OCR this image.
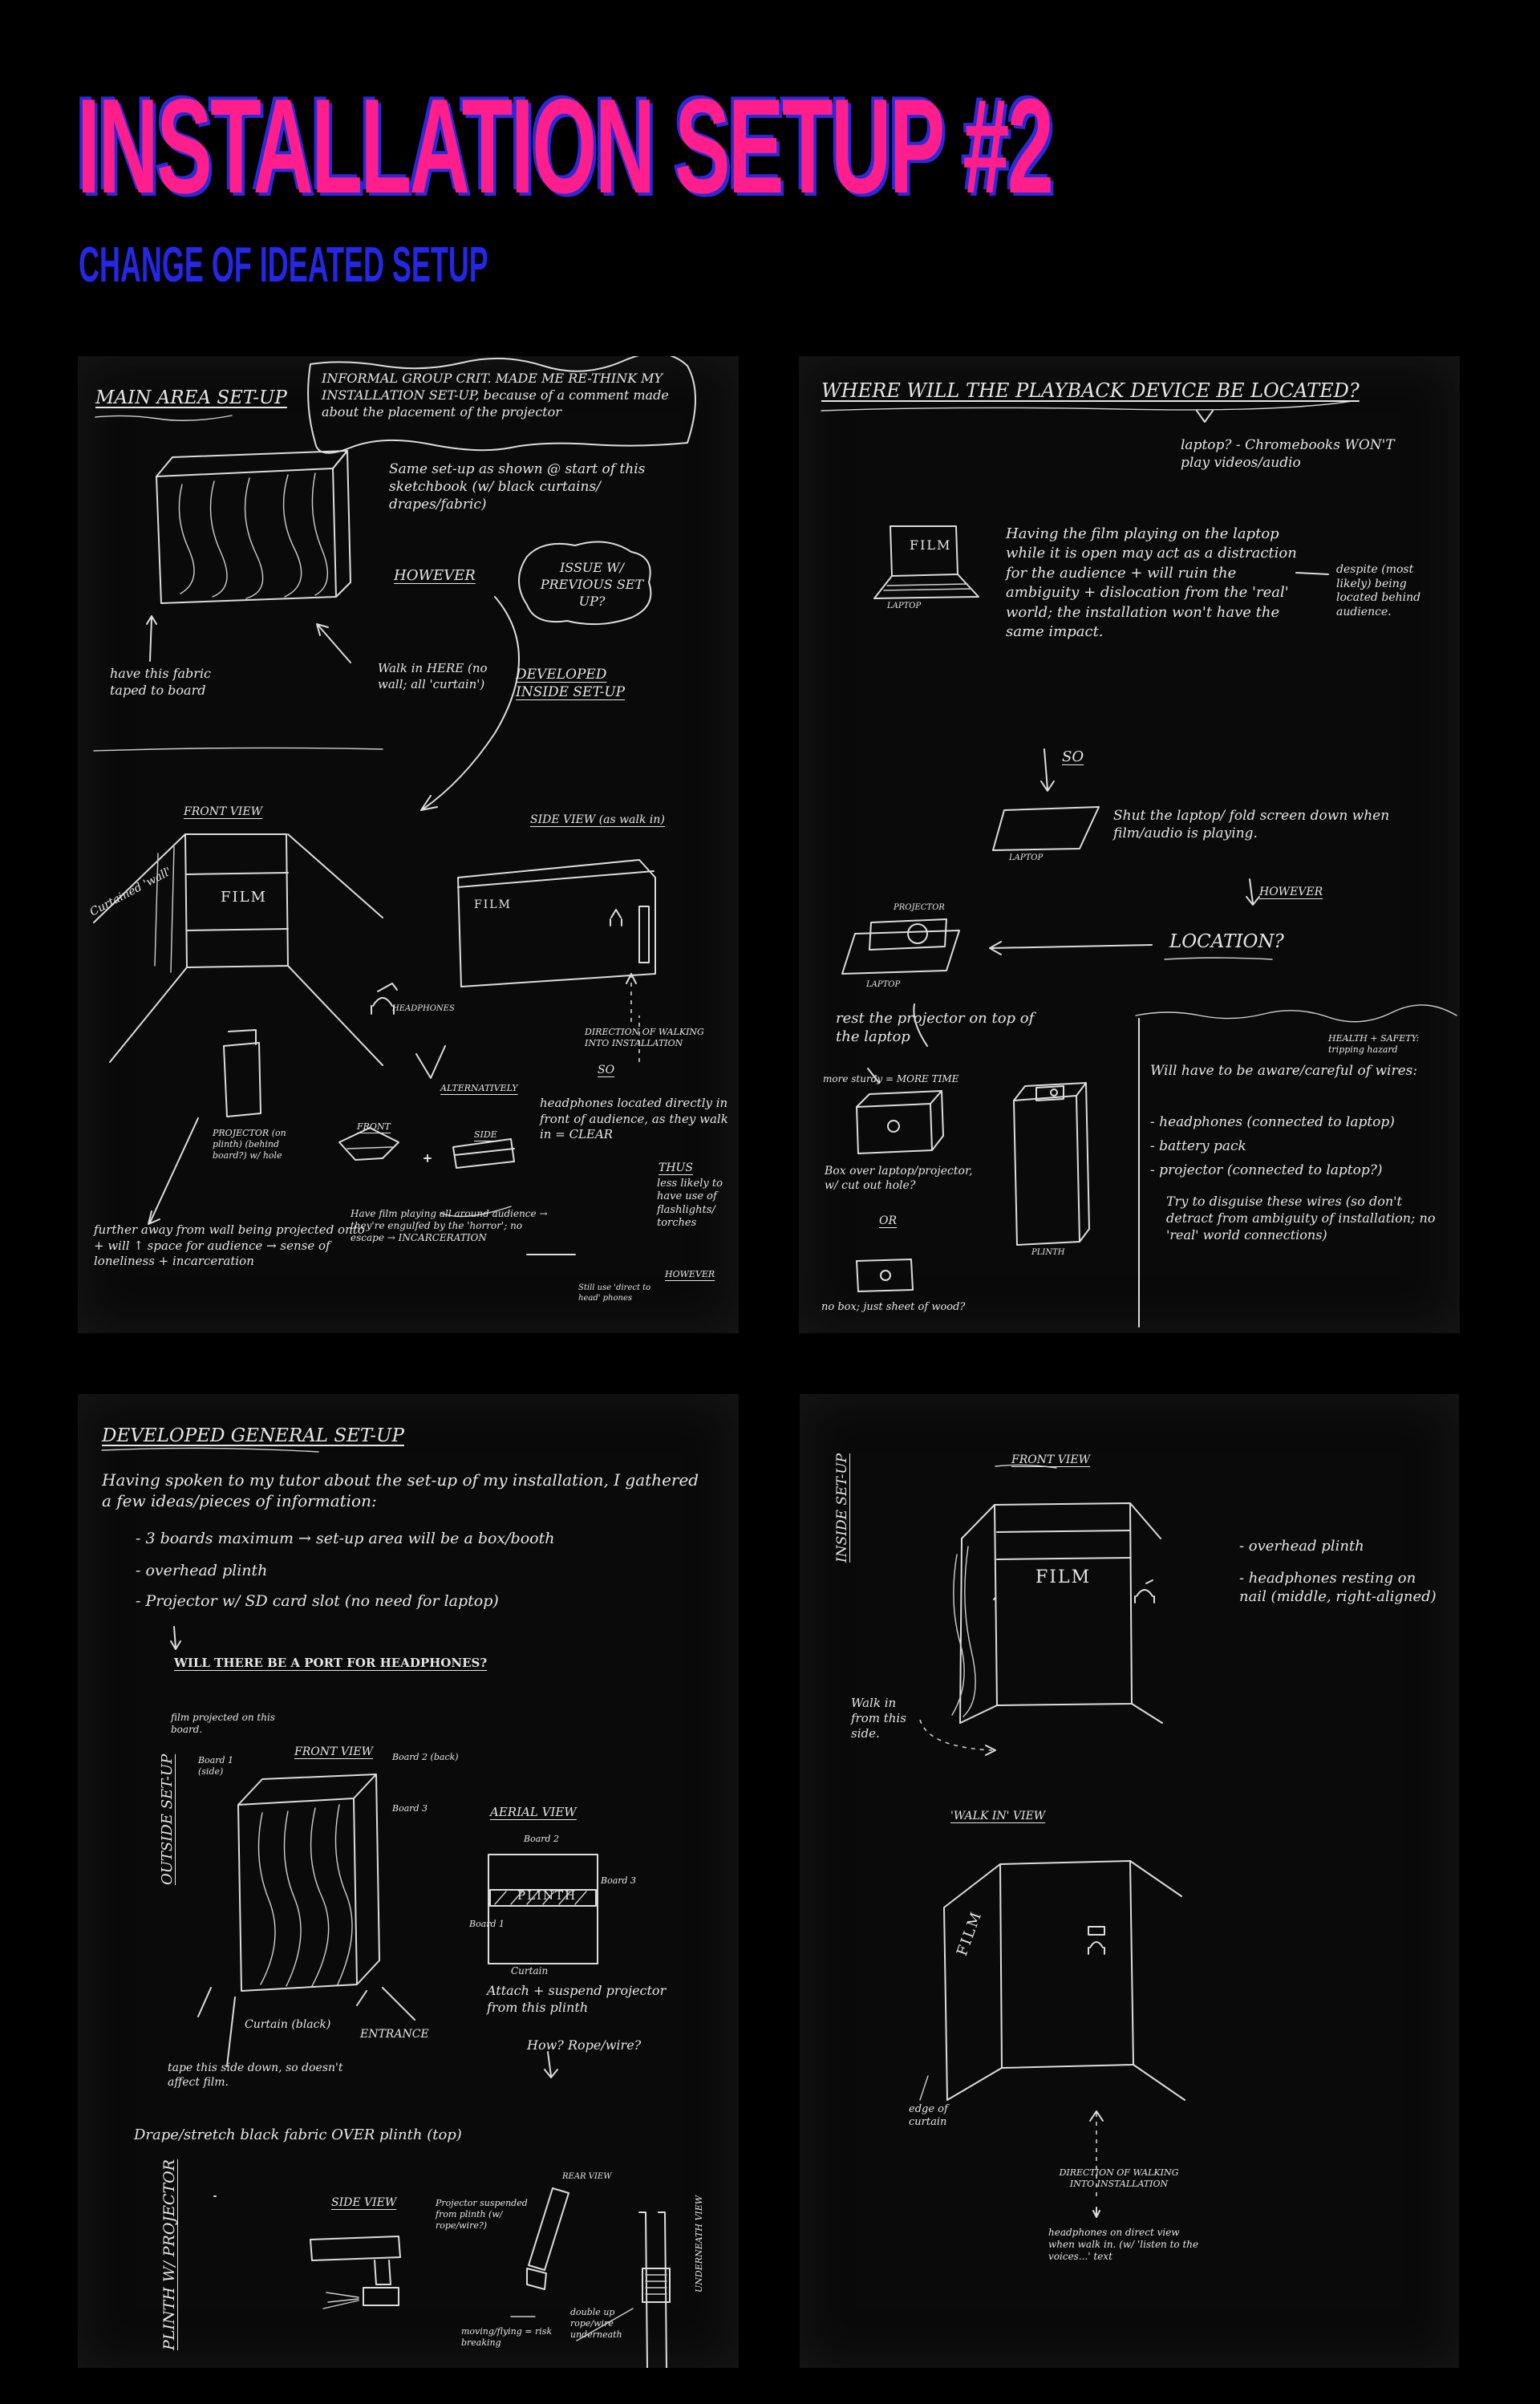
INSTALLATION SETUP #2
CHANGE OF IDEATED SETUP
MAIN AREA SET-UP
INFORMAL GROUP CRIT. MADE ME RE-THINK MY INSTALLATION SET-UP, because of a comment made about the placement of the projector
Same set-up as shown @ start of this sketchbook (w/ black curtains/ drapes/fabric)
HOWEVER	ISSUE W/ PREVIOUS SET UP?
have this fabric taped to board
Walk in HERE (no wall; all 'curtain')
DEVELOPED INSIDE SET-UP
FRONT VIEW
Curtained 'wall'	FILM
HEADPHONES
SIDE VIEW (as walk in)
FILM
DIRECTION OF WALKING INTO INSTALLATION
SO
ALTERNATIVELY
headphones located directly in front of audience, as they walk in = CLEAR
PROJECTOR (on plinth) (behind board?) w/ hole
FRONT
SIDE
further away from wall being projected onto + will ↑ space for audience → sense of loneliness + incarceration
Have film playing all around audience → they're engulfed by the 'horror'; no escape → INCARCERATION
THUS
less likely to have use of flashlights/ torches
HOWEVER
Still use 'direct to head' phones
WHERE WILL THE PLAYBACK DEVICE BE LOCATED?
laptop? - Chromebooks WON'T play videos/audio
FILM
LAPTOP
Having the film playing on the laptop while it is open may act as a distraction for the audience + will ruin the ambiguity + dislocation from the 'real' world; the installation won't have the same impact.
despite (most likely) being located behind audience.
SO
Shut the laptop/ fold screen down when film/audio is playing.
LAPTOP
HOWEVER
LOCATION?
PROJECTOR
LAPTOP
rest the projector on top of the laptop
more sturdy = MORE TIME
Box over laptop/projector, w/ cut out hole?
OR
no box; just sheet of wood?
PLINTH
HEALTH + SAFETY: tripping hazard
Will have to be aware/careful of wires:
- headphones (connected to laptop)
- battery pack
- projector (connected to laptop?)
Try to disguise these wires (so don't detract from ambiguity of installation; no 'real' world connections)
DEVELOPED GENERAL SET-UP
Having spoken to my tutor about the set-up of my installation, I gathered a few ideas/pieces of information:
- 3 boards maximum → set-up area will be a box/booth
- overhead plinth
- Projector w/ SD card slot (no need for laptop)
WILL THERE BE A PORT FOR HEADPHONES?
film projected on this board.
FRONT VIEW
Board 1 (side)
Board 2 (back)
Board 3
OUTSIDE SET-UP
Curtain (black)
ENTRANCE
tape this side down, so doesn't affect film.
AERIAL VIEW
Board 2
Board 3
Board 1
PLINTH
Curtain
Attach + suspend projector from this plinth
How? Rope/wire?
Drape/stretch black fabric OVER plinth (top)
PLINTH W/ PROJECTOR	SIDE VIEW
REAR VIEW
UNDERNEATH VIEW
Projector suspended from plinth (w/ rope/wire?)
double up rope/wire underneath
moving/flying = risk breaking
INSIDE SET-UP	FRONT VIEW
FILM
- overhead plinth
- headphones resting on nail (middle, right-aligned)
Walk in from this side.
'WALK IN' VIEW
FILM
edge of curtain
DIRECTION OF WALKING INTO INSTALLATION
headphones on direct view when walk in. (w/ 'listen to the voices...' text
